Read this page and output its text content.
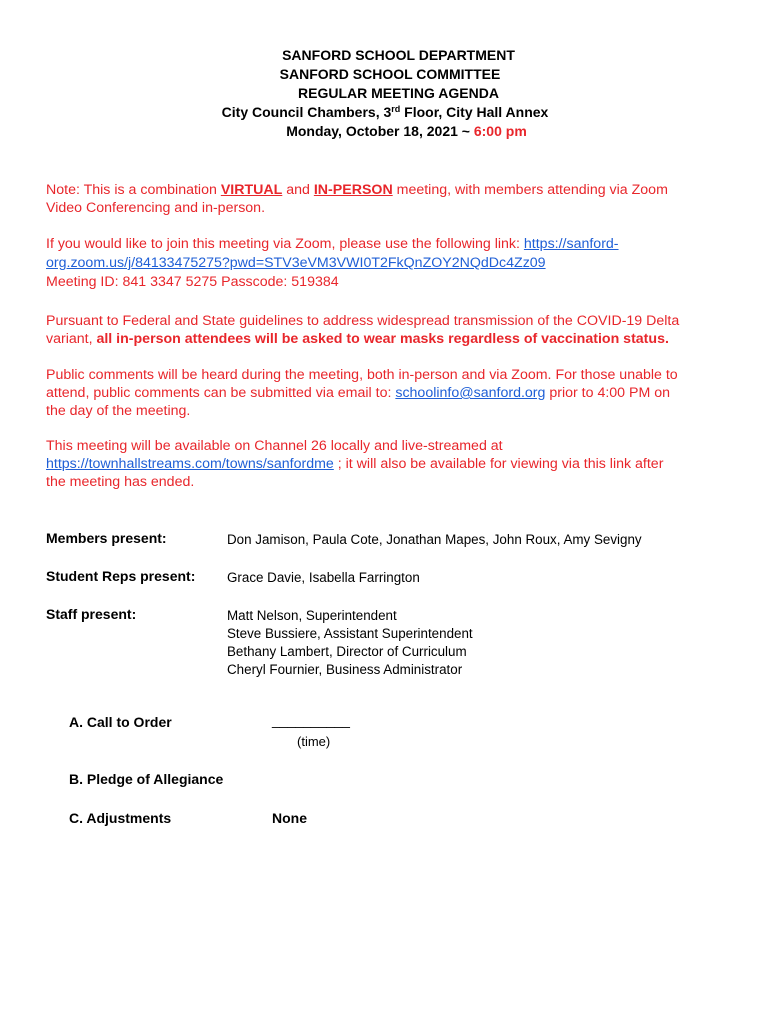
SANFORD SCHOOL DEPARTMENT
SANFORD SCHOOL COMMITTEE
REGULAR MEETING AGENDA
City Council Chambers, 3rd Floor, City Hall Annex
Monday, October 18, 2021 ~ 6:00 pm
Note: This is a combination VIRTUAL and IN-PERSON meeting, with members attending via Zoom
Video Conferencing and in-person.
If you would like to join this meeting via Zoom, please use the following link: https://sanford-
org.zoom.us/j/84133475275?pwd=STV3eVM3VWI0T2FkQnZOY2NQdDc4Zz09
Meeting ID: 841 3347 5275 Passcode: 519384
Pursuant to Federal and State guidelines to address widespread transmission of the COVID-19 Delta
variant, all in-person attendees will be asked to wear masks regardless of vaccination status.
Public comments will be heard during the meeting, both in-person and via Zoom. For those unable to
attend, public comments can be submitted via email to: schoolinfo@sanford.org prior to 4:00 PM on
the day of the meeting.
This meeting will be available on Channel 26 locally and live-streamed at
https://townhallstreams.com/towns/sanfordme ; it will also be available for viewing via this link after
the meeting has ended.
Members present:	Don Jamison, Paula Cote, Jonathan Mapes, John Roux, Amy Sevigny
Student Reps present: Grace Davie, Isabella Farrington
Staff present:	Matt Nelson, Superintendent
Steve Bussiere, Assistant Superintendent
Bethany Lambert, Director of Curriculum
Cheryl Fournier, Business Administrator
A. Call to Order	__________
(time)
B. Pledge of Allegiance
C. Adjustments	None
